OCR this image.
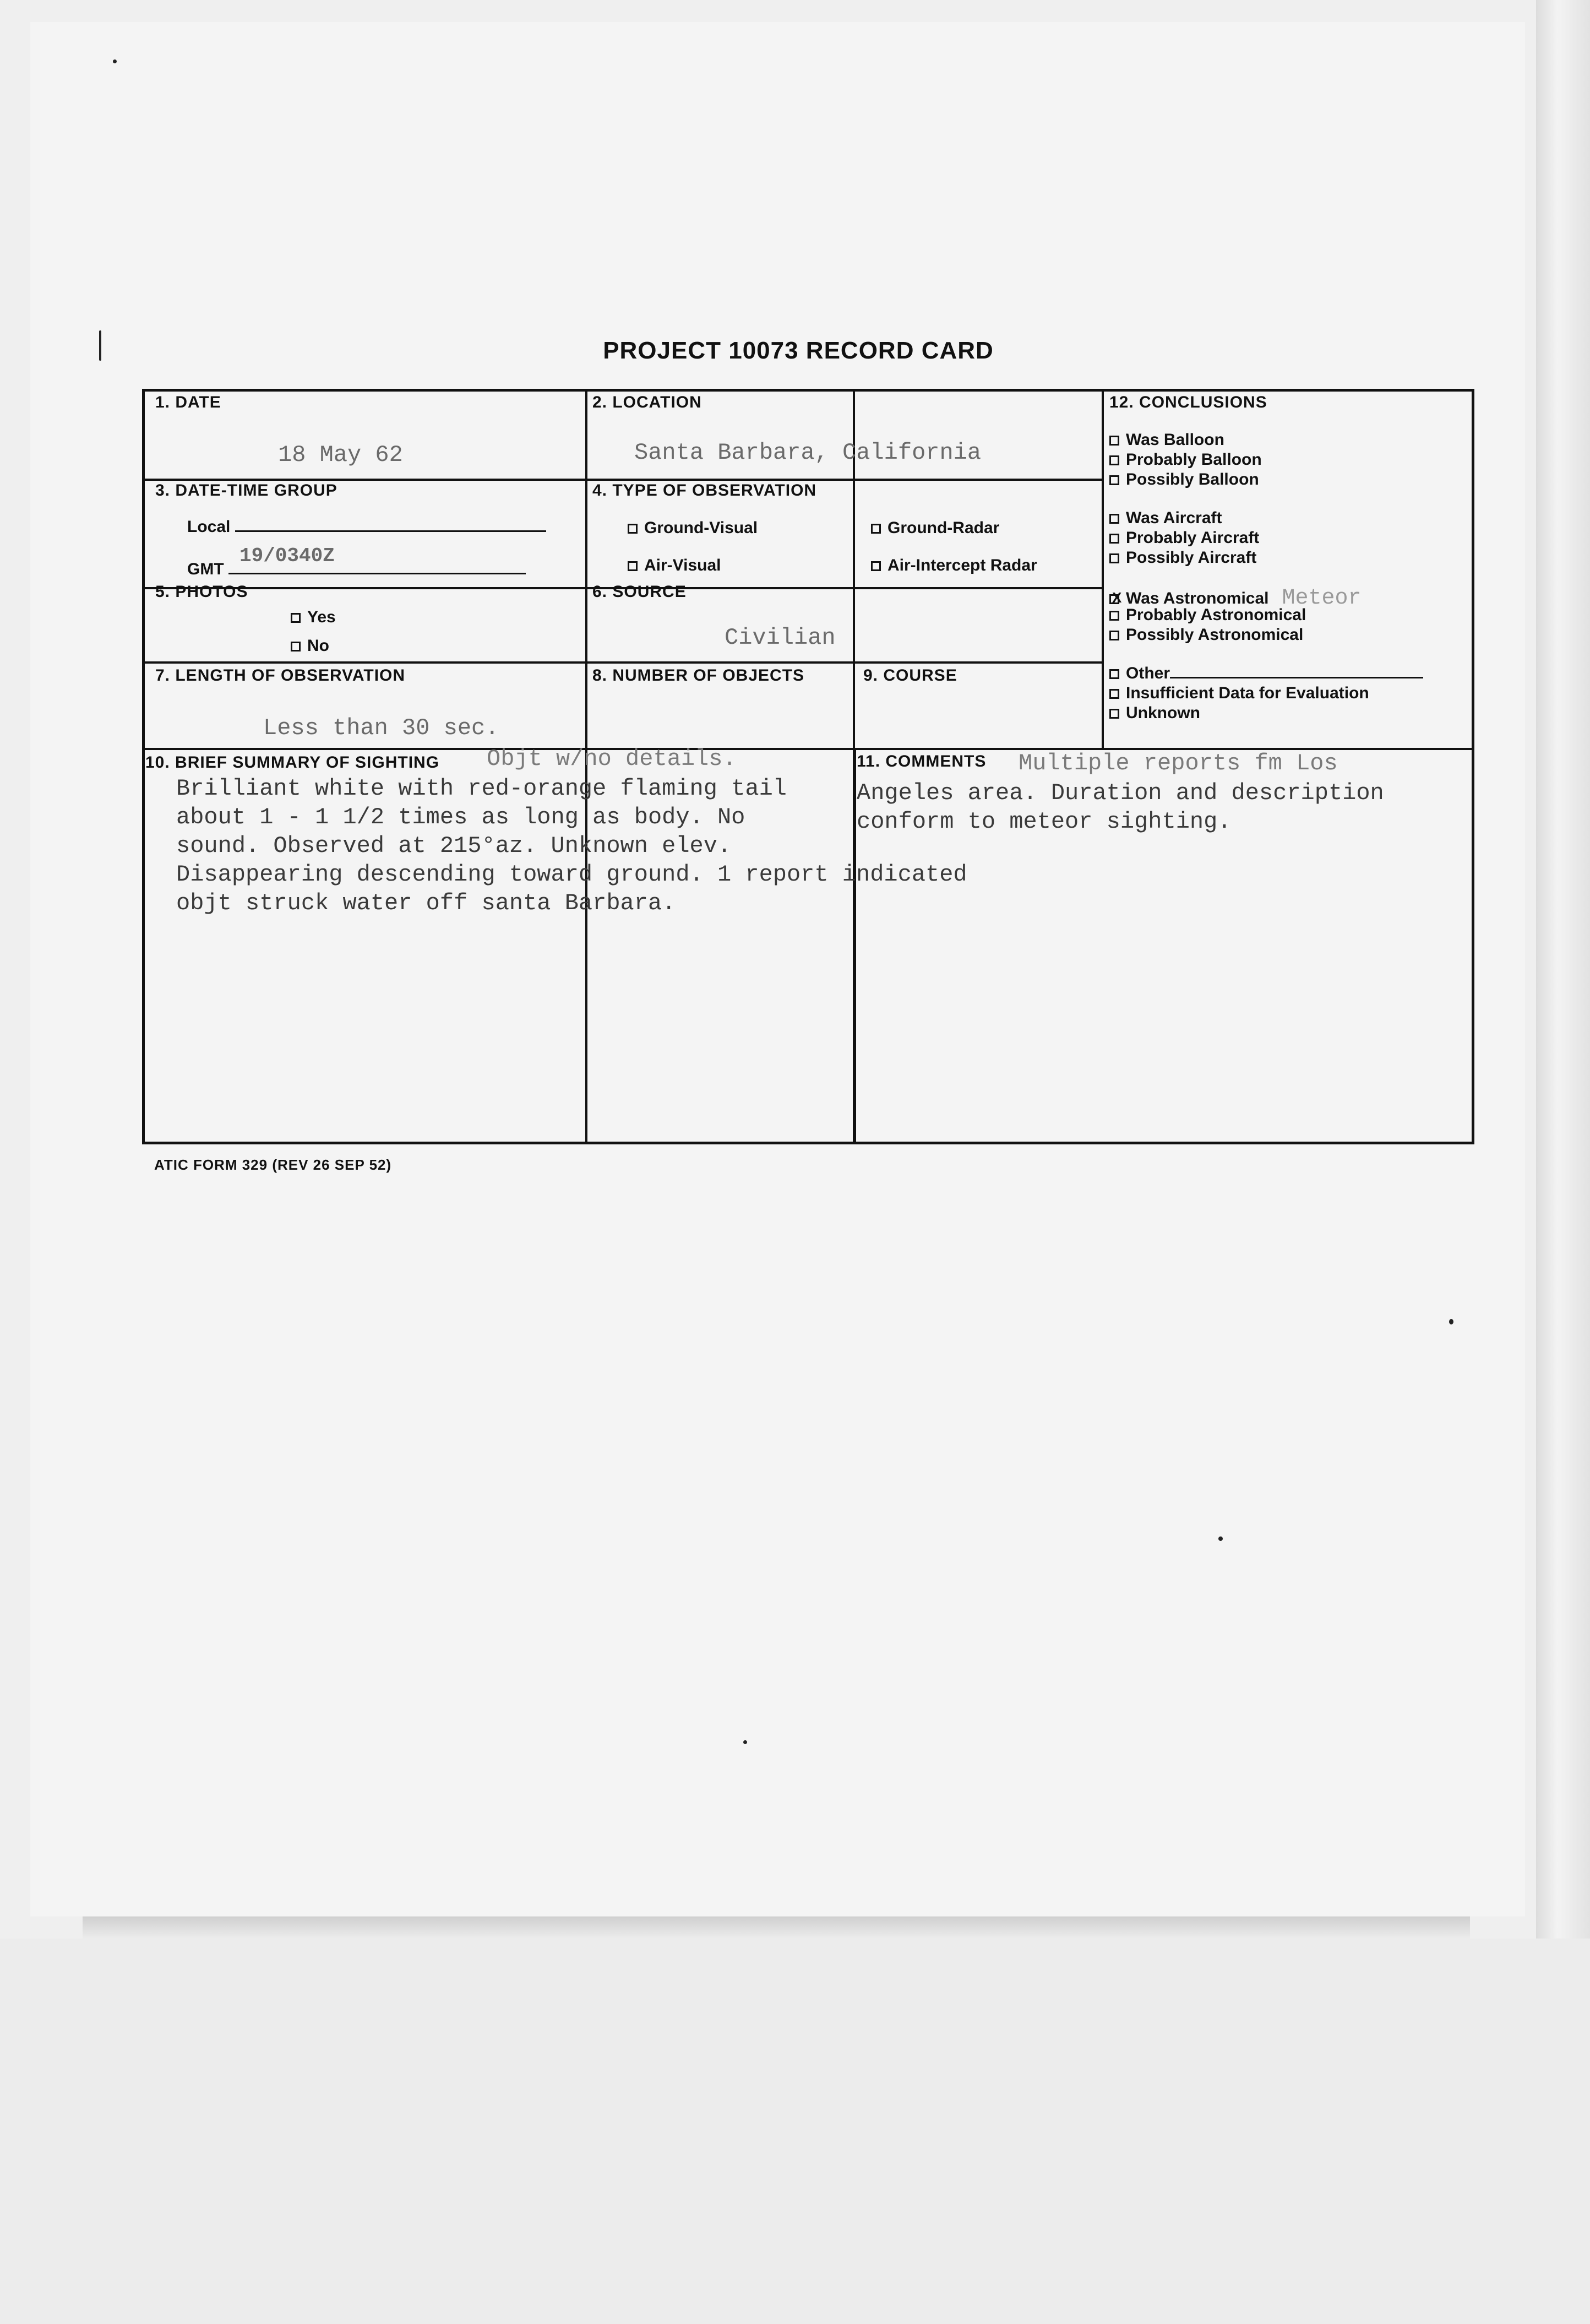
PROJECT 10073 RECORD CARD
1. DATE
18 May 62
2. LOCATION
Santa Barbara, California
3. DATE-TIME GROUP
Local
GMT
19/0340Z
4. TYPE OF OBSERVATION
Ground-Visual	Ground-Radar
Air-Visual	Air-Intercept Radar
5. PHOTOS
Yes
No
6. SOURCE
Civilian
7. LENGTH OF OBSERVATION
Less than 30 sec.
8. NUMBER OF OBJECTS	9. COURSE
12. CONCLUSIONS
Was Balloon
Probably Balloon
Possibly Balloon
Was Aircraft
Probably Aircraft
Possibly Aircraft
XWas Astronomical Meteor
Probably Astronomical
Possibly Astronomical
Other
Insufficient Data for Evaluation
Unknown
10. BRIEF SUMMARY OF SIGHTING Objt w/no details.
Brilliant white with red-orange flaming tail
about 1 - 1 1/2 times as long as body. No
sound. Observed at 215°az. Unknown elev.
Disappearing descending toward ground. 1 report indicated
objt struck water off santa Barbara.
11. COMMENTS Multiple reports fm Los
Angeles area. Duration and description
conform to meteor sighting.
ATIC FORM 329 (REV 26 SEP 52)
